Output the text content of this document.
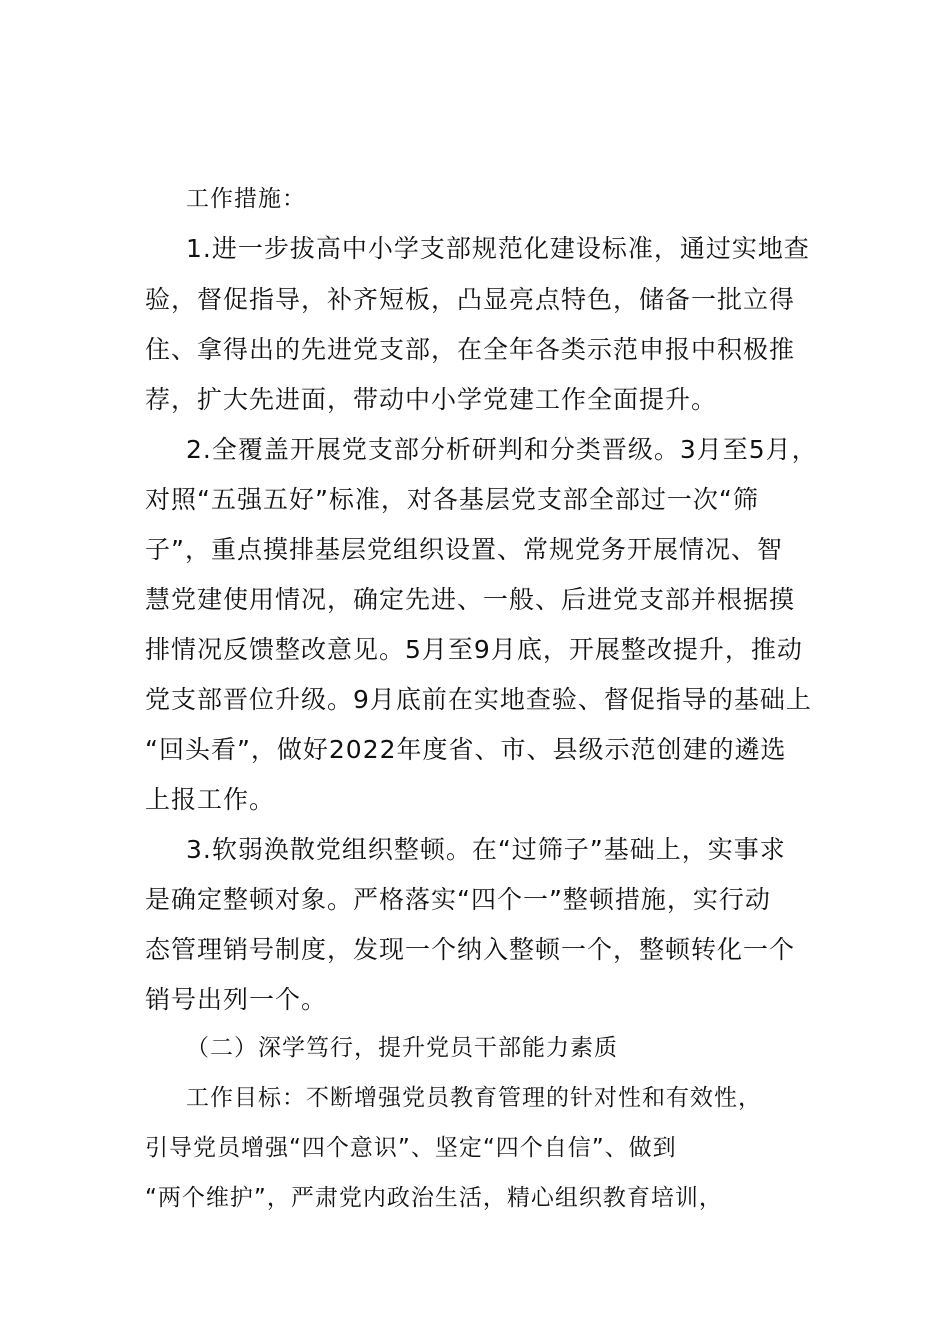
工作措施：
1.进一步拔高中小学支部规范化建设标准，通过实地查
验，督促指导，补齐短板，凸显亮点特色，储备一批立得
住、拿得出的先进党支部，在全年各类示范申报中积极推
荐，扩大先进面，带动中小学党建工作全面提升。
2.全覆盖开展党支部分析研判和分类晋级。3月至5月，
对照“五强五好”标准，对各基层党支部全部过一次“筛
子”，重点摸排基层党组织设置、常规党务开展情况、智
慧党建使用情况，确定先进、一般、后进党支部并根据摸
排情况反馈整改意见。5月至9月底，开展整改提升，推动
党支部晋位升级。9月底前在实地查验、督促指导的基础上
“回头看”，做好2022年度省、市、县级示范创建的遴选
上报工作。
3.软弱涣散党组织整顿。在“过筛子”基础上，实事求
是确定整顿对象。严格落实“四个一”整顿措施，实行动
态管理销号制度，发现一个纳入整顿一个，整顿转化一个
销号出列一个。
（二）深学笃行，提升党员干部能力素质
工作目标：不断增强党员教育管理的针对性和有效性，
引导党员增强“四个意识”、坚定“四个自信”、做到
“两个维护”，严肃党内政治生活，精心组织教育培训，
